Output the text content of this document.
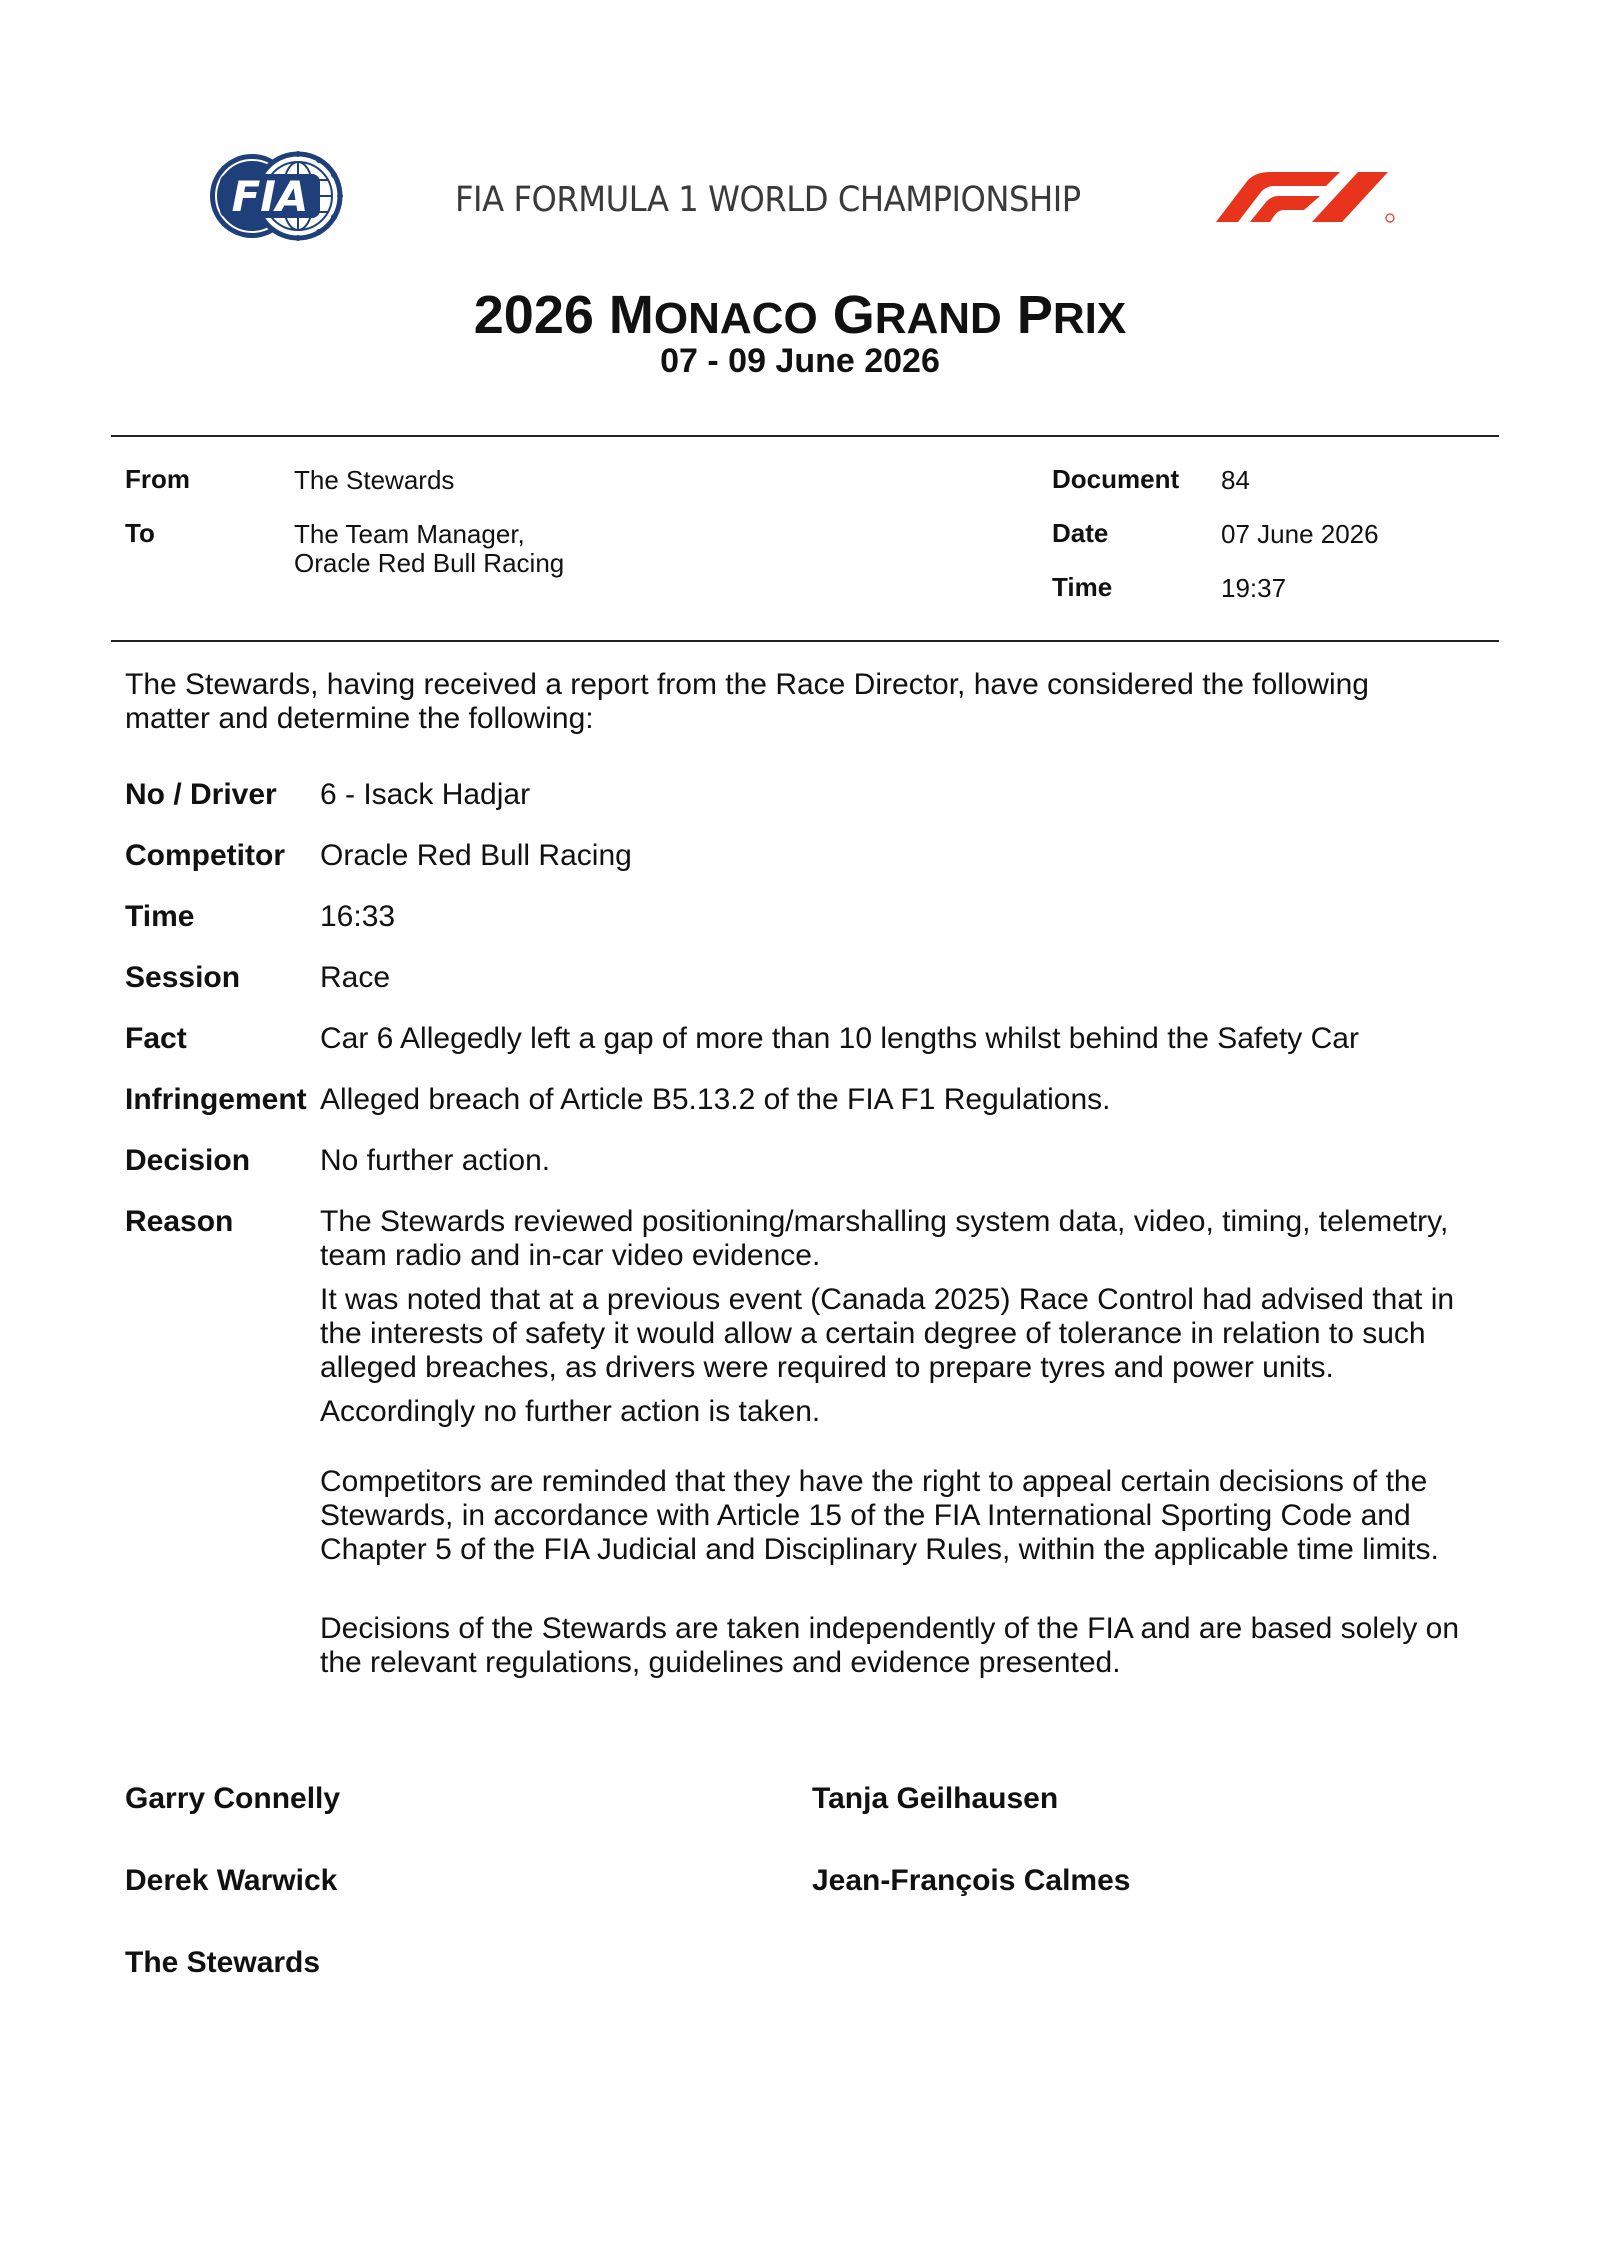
FIA	FIA FORMULA 1 WORLD CHAMPIONSHIP
2026 MONACO GRAND PRIX
07 - 09 June 2026
From	The Stewards
To	The Team Manager,
Oracle Red Bull Racing
Document 84
Date	07 June 2026
Time	19:37
The Stewards, having received a report from the Race Director, have considered the following matter and determine the following:
No / Driver 6 - Isack Hadjar
Competitor Oracle Red Bull Racing
Time	16:33
Session	Race
Fact	Car 6 Allegedly left a gap of more than 10 lengths whilst behind the Safety Car
Infringement Alleged breach of Article B5.13.2 of the FIA F1 Regulations.
Decision No further action.
Reason	The Stewards reviewed positioning/marshalling system data, video, timing, telemetry, team radio and in-car video evidence.
It was noted that at a previous event (Canada 2025) Race Control had advised that in the interests of safety it would allow a certain degree of tolerance in relation to such alleged breaches, as drivers were required to prepare tyres and power units.
Accordingly no further action is taken.
Competitors are reminded that they have the right to appeal certain decisions of the Stewards, in accordance with Article 15 of the FIA International Sporting Code and Chapter 5 of the FIA Judicial and Disciplinary Rules, within the applicable time limits.
Decisions of the Stewards are taken independently of the FIA and are based solely on the relevant regulations, guidelines and evidence presented.
Garry Connelly	Tanja Geilhausen
Derek Warwick	Jean-François Calmes
The Stewards
